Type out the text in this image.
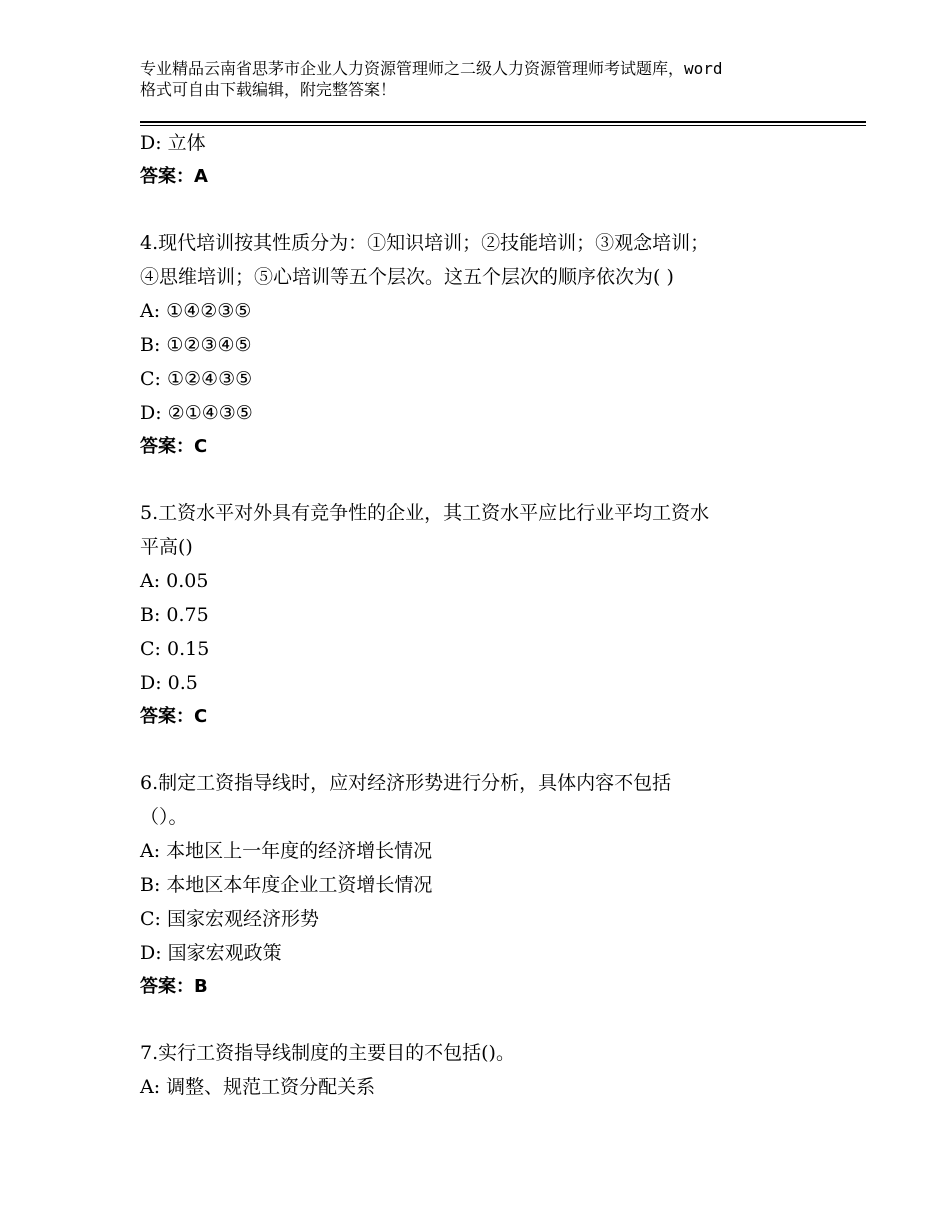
专业精品云南省思茅市企业人力资源管理师之二级人力资源管理师考试题库，word
格式可自由下载编辑，附完整答案！
D: 立体
答案：A
4.现代培训按其性质分为：①知识培训；②技能培训；③观念培训；
④思维培训；⑤心培训等五个层次。这五个层次的顺序依次为( )
A: ①④②③⑤
B: ①②③④⑤
C: ①②④③⑤
D: ②①④③⑤
答案：C
5.工资水平对外具有竞争性的企业，其工资水平应比行业平均工资水
平高()
A: 0.05
B: 0.75
C: 0.15
D: 0.5
答案：C
6.制定工资指导线时，应对经济形势进行分析，具体内容不包括
（）。
A: 本地区上一年度的经济增长情况
B: 本地区本年度企业工资增长情况
C: 国家宏观经济形势
D: 国家宏观政策
答案：B
7.实行工资指导线制度的主要目的不包括()。
A: 调整、规范工资分配关系
